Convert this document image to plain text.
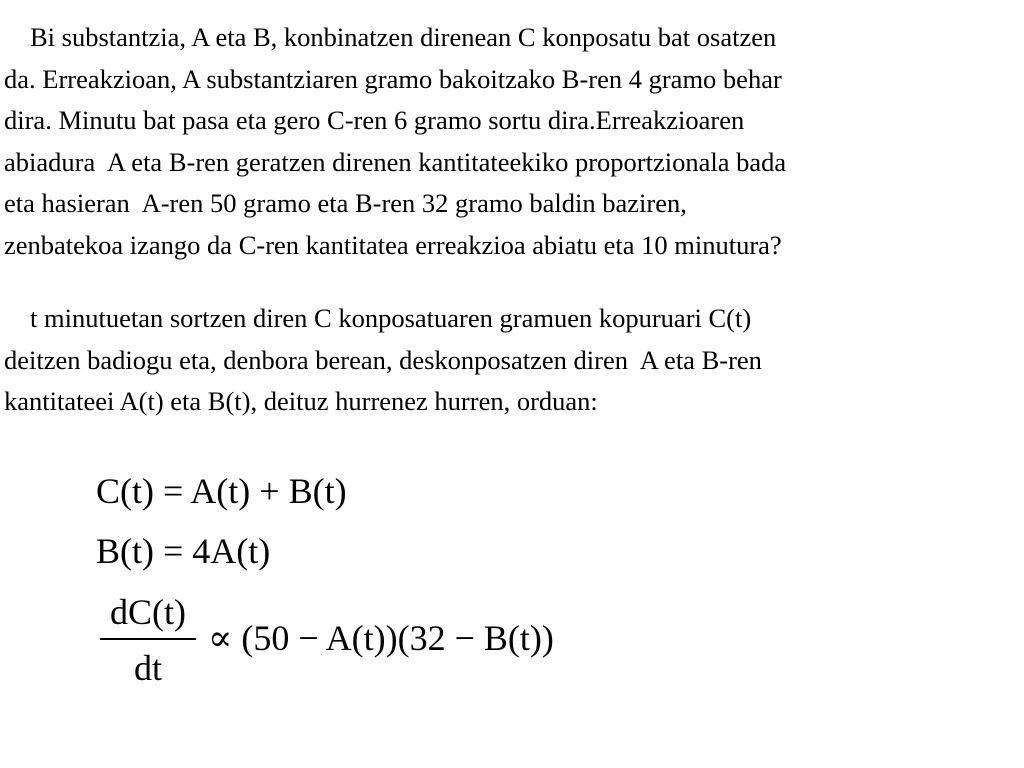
Bi substantzia, A eta B, konbinatzen direnean C konposatu bat osatzen
da. Erreakzioan, A substantziaren gramo bakoitzako B-ren 4 gramo behar
dira. Minutu bat pasa eta gero C-ren 6 gramo sortu dira.Erreakzioaren
abiadura  A eta B-ren geratzen direnen kantitateekiko proportzionala bada
eta hasieran  A-ren 50 gramo eta B-ren 32 gramo baldin baziren,
zenbatekoa izango da C-ren kantitatea erreakzioa abiatu eta 10 minutura?
t minutuetan sortzen diren C konposatuaren gramuen kopuruari C(t)
deitzen badiogu eta, denbora berean, deskonposatzen diren  A eta B-ren
kantitateei A(t) eta B(t), deituz hurrenez hurren, orduan:
C(t) = A(t) + B(t)
B(t) = 4A(t)
dC(t)
dt
∝ (50 − A(t))(32 − B(t))
